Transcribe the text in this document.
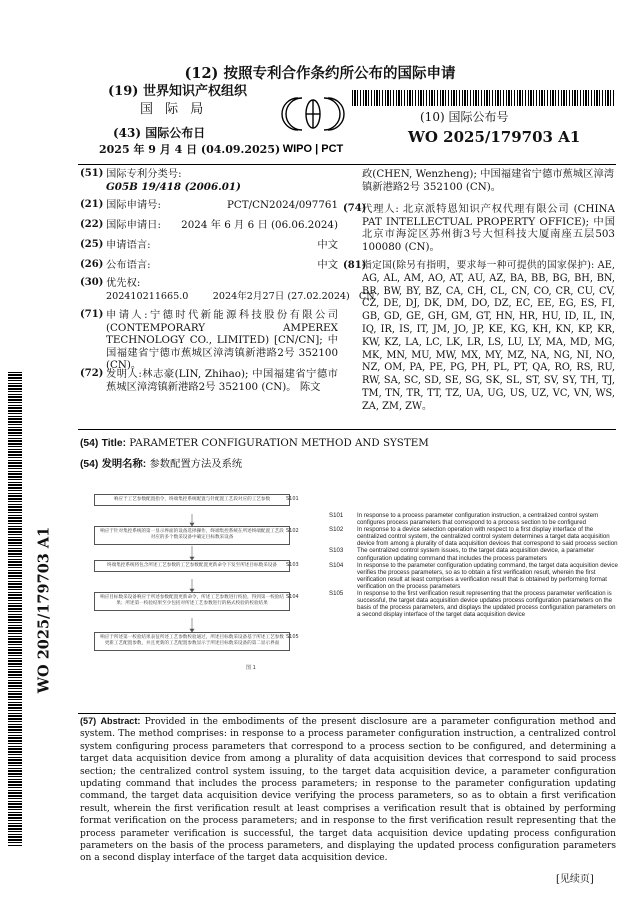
(12) 按照专利合作条约所公布的国际申请
(19) 世界知识产权组织
国 际 局
(43) 国际公布日
2025 年 9 月 4 日 (04.09.2025) WIPO | PCT
(10) 国际公布号
WO 2025/179703 A1
(51) 国际专利分类号:
G05B 19/418 (2006.01)
(21) 国际申请号:	PCT/CN2024/097761
(22) 国际申请日: 2024 年 6 月 6 日 (06.06.2024)
(25) 申请语言:	中文
(26) 公布语言:	中文
(30) 优先权:
202410211665.0        2024年2月27日 (27.02.2024)   CN
(71) 申请人:宁德时代新能源科技股份有限公司 (CONTEMPORARY AMPEREX TECHNOLOGY CO., LIMITED) [CN/CN]; 中国福建省宁德市蕉城区漳湾镇新港路2号 352100 (CN)。
(72) 发明人:林志豪(LIN, Zhihao); 中国福建省宁德市蕉城区漳湾镇新港路2号 352100 (CN)。 陈文
政(CHEN, Wenzheng); 中国福建省宁德市蕉城区漳湾镇新港路2号 352100 (CN)。
(74)
代理人: 北京派特恩知识产权代理有限公司 (CHINA PAT INTELLECTUAL PROPERTY OFFICE); 中国北京市海淀区苏州街3号大恒科技大厦南座五层503 100080 (CN)。
(81)
指定国(除另有指明，要求每一种可提供的国家保护): AE, AG, AL, AM, AO, AT, AU, AZ, BA, BB, BG, BH, BN, BR, BW, BY, BZ, CA, CH, CL, CN, CO, CR, CU, CV, CZ, DE, DJ, DK, DM, DO, DZ, EC, EE, EG, ES, FI, GB, GD, GE, GH, GM, GT, HN, HR, HU, ID, IL, IN, IQ, IR, IS, IT, JM, JO, JP, KE, KG, KH, KN, KP, KR, KW, KZ, LA, LC, LK, LR, LS, LU, LY, MA, MD, MG, MK, MN, MU, MW, MX, MY, MZ, NA, NG, NI, NO, NZ, OM, PA, PE, PG, PH, PL, PT, QA, RO, RS, RU, RW, SA, SC, SD, SE, SG, SK, SL, ST, SV, SY, TH, TJ, TM, TN, TR, TT, TZ, UA, UG, US, UZ, VC, VN, WS, ZA, ZM, ZW。
WO 2025/179703 A1
(54) Title: PARAMETER CONFIGURATION METHOD AND SYSTEM
(54) 发明名称: 参数配置方法及系统
响应于工艺参数配置指令，终端集控系统配置与针配置工艺段对应的工艺参数	S101
响应于针对集控系统的第一显示界面的设备选择操作，终端集控系统在所述终端配置工艺段对应的多个数采设备中确定目标数采设备
S102
终端集控系统将包含所述工艺参数的工艺参数配置更新命令下发至所述目标数采设备	S103
响应目标数采设备响应于所述参数配置更新命令，所述工艺参数进行校验，得到第一校验结果；所述第一校验结果至少包括对所述工艺参数进行的格式校验的校验结果
S104
响应于所述第一校验结果表征所述工艺参数校验通过，所述目标数采设备基于所述工艺参数更新工艺配置参数，并且更新的工艺配置参数显示于所述目标数采设备的第二显示界面
S105
图 1
S101 In response to a process parameter configuration instruction, a centralized control system configures process parameters that correspond to a process section to be configured
S102 In response to a device selection operation with respect to a first display interface of the centralized control system, the centralized control system determines a target data acquisition device from among a plurality of data acquisition devices that correspond to said process section
S103 The centralized control system issues, to the target data acquisition device, a parameter configuration updating command that includes the process parameters
S104 In response to the parameter configuration updating command, the target data acquisition device verifies the process parameters, so as to obtain a first verification result, wherein the first verification result at least comprises a verification result that is obtained by performing format verification on the process parameters
S105 In response to the first verification result representing that the process parameter verification is successful, the target data acquisition device updates process configuration parameters on the basis of the process parameters, and displays the updated process configuration parameters on a second display interface of the target data acquisition device
(57) Abstract: Provided in the embodiments of the present disclosure are a parameter configuration method and system. The method comprises: in response to a process parameter configuration instruction, a centralized control system configuring process parameters that correspond to a process section to be configured, and determining a target data acquisition device from among a plurality of data acquisition devices that correspond to said process section; the centralized control system issuing, to the target data acquisition device, a parameter configuration updating command that includes the process parameters; in response to the parameter configuration updating command, the target data acquisition device verifying the process parameters, so as to obtain a first verification result, wherein the first verification result at least comprises a verification result that is obtained by performing format verification on the process parameters; and in response to the first verification result representing that the process parameter verification is successful, the target data acquisition device updating process configuration parameters on the basis of the process parameters, and displaying the updated process configuration parameters on a second display interface of the target data acquisition device.
[见续页]
